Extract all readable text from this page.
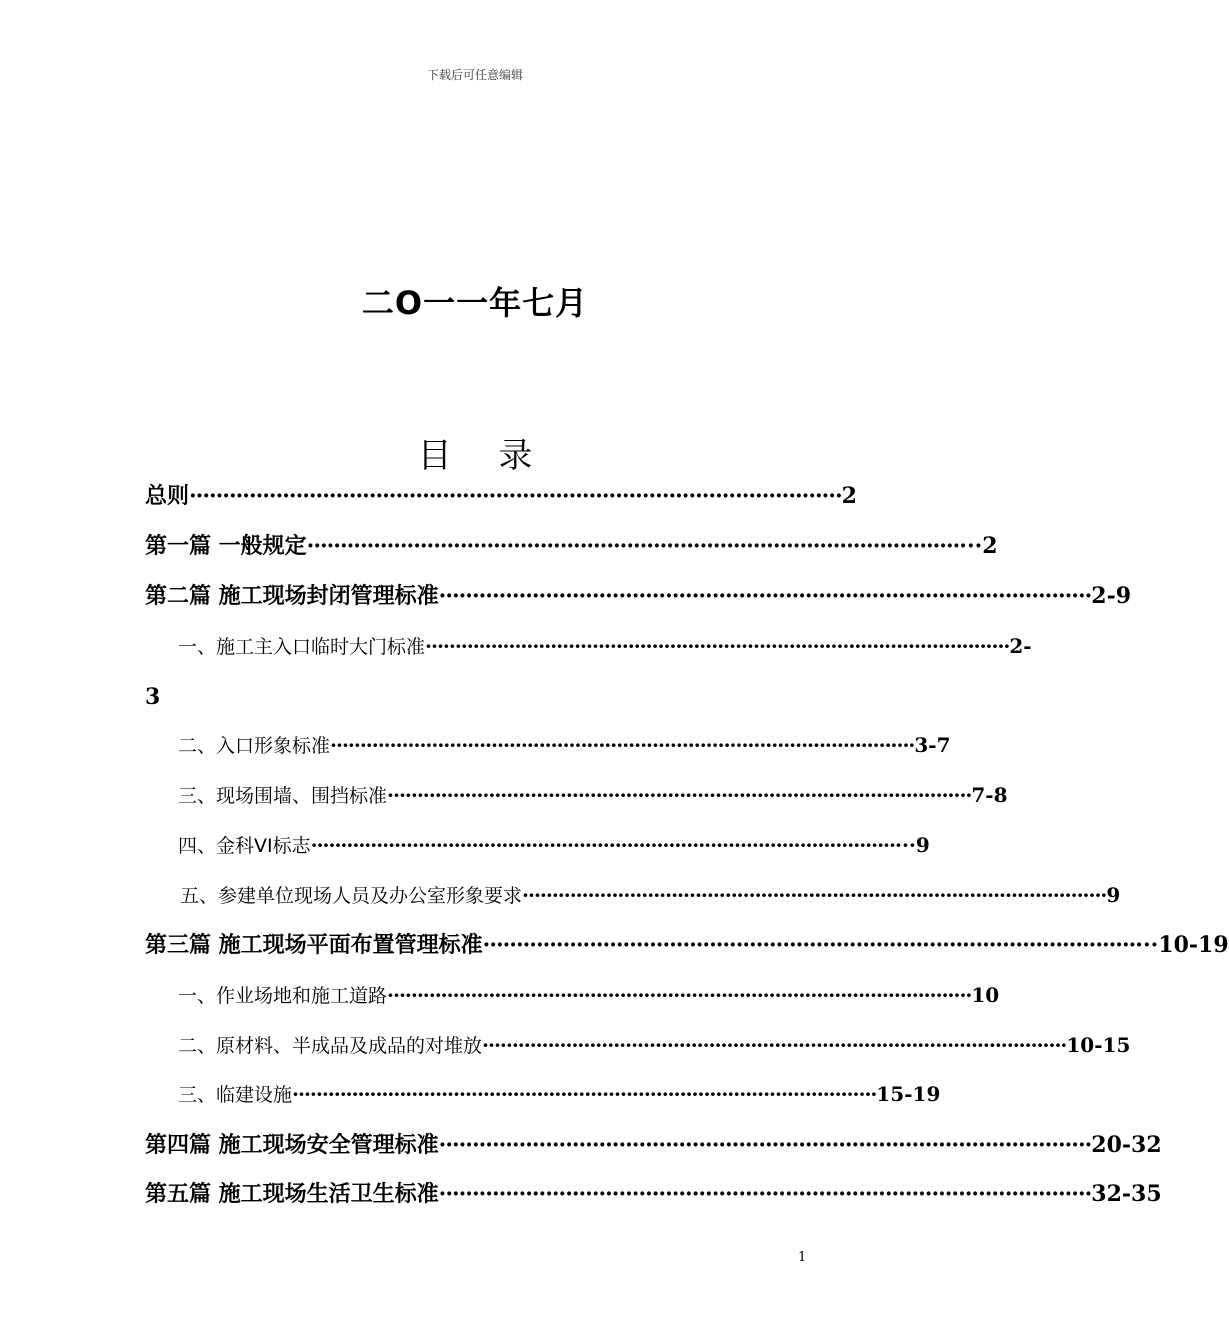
下载后可任意编辑
二O一一年七月
目 录
总则 ·································································································· 2
第一篇 一般规定 ·································································································· ···2
第二篇 施工现场封闭管理标准 ·································································································· 2-9
一、施工主入口临时大门标准 ·································································································· 2-
3
二、入口形象标准 ·································································································· 3-7
三、现场围墙、围挡标准 ·································································································· 7-8
四、金科VI标志 ·································································································· ···9
五、参建单位现场人员及办公室形象要求 ·································································································· 9
第三篇 施工现场平面布置管理标准 ·································································································· ···10-19
一、作业场地和施工道路 ·································································································· 10
二、原材料、半成品及成品的对堆放 ·································································································· 10-15
三、临建设施 ·································································································· 15-19
第四篇 施工现场安全管理标准 ·································································································· 20-32
第五篇 施工现场生活卫生标准 ·································································································· 32-35
1
